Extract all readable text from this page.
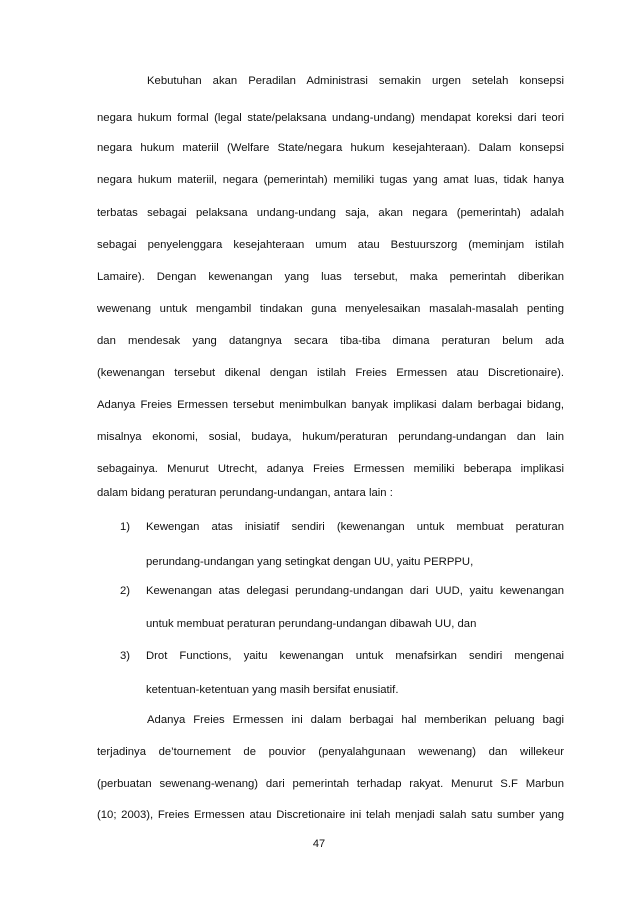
Kebutuhan akan Peradilan Administrasi semakin urgen setelah konsepsi
negara hukum formal (legal state/pelaksana undang-undang) mendapat koreksi dari teori
negara hukum materiil (Welfare State/negara hukum kesejahteraan). Dalam konsepsi
negara hukum materiil, negara (pemerintah) memiliki tugas yang amat luas, tidak hanya
terbatas sebagai pelaksana undang-undang saja, akan negara (pemerintah) adalah
sebagai penyelenggara kesejahteraan umum atau Bestuurszorg (meminjam istilah
Lamaire). Dengan kewenangan yang luas tersebut, maka pemerintah diberikan
wewenang untuk mengambil tindakan guna menyelesaikan masalah-masalah penting
dan mendesak yang datangnya secara tiba-tiba dimana peraturan belum ada
(kewenangan tersebut dikenal dengan istilah Freies Ermessen atau Discretionaire).
Adanya Freies Ermessen tersebut menimbulkan banyak implikasi dalam berbagai bidang,
misalnya ekonomi, sosial, budaya, hukum/peraturan perundang-undangan dan lain
sebagainya. Menurut Utrecht, adanya Freies Ermessen memiliki beberapa implikasi
dalam bidang peraturan perundang-undangan, antara lain :
1) Kewengan atas inisiatif sendiri (kewenangan untuk membuat peraturan
perundang-undangan yang setingkat dengan UU, yaitu PERPPU,
2) Kewenangan atas delegasi perundang-undangan dari UUD, yaitu kewenangan
untuk membuat peraturan perundang-undangan dibawah UU, dan
3) Drot Functions, yaitu kewenangan untuk menafsirkan sendiri mengenai
ketentuan-ketentuan yang masih bersifat enusiatif.
Adanya Freies Ermessen ini dalam berbagai hal memberikan peluang bagi
terjadinya de’tournement de pouvior (penyalahgunaan wewenang) dan willekeur
(perbuatan sewenang-wenang) dari pemerintah terhadap rakyat. Menurut S.F Marbun
(10; 2003), Freies Ermessen atau Discretionaire ini telah menjadi salah satu sumber yang
47
